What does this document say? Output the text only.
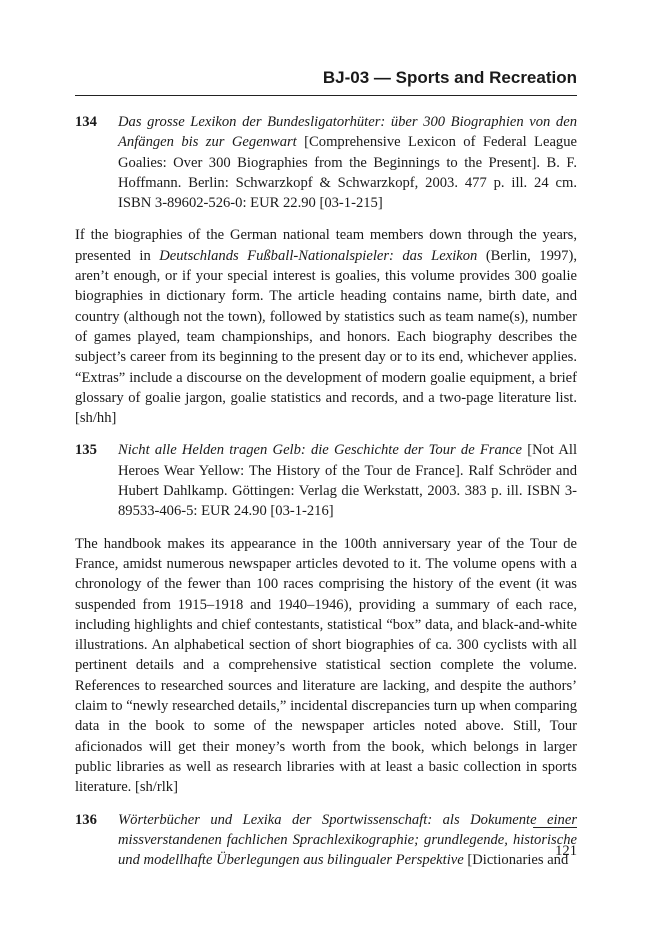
BJ-03 — Sports and Recreation
134 Das grosse Lexikon der Bundesligatorhüter: über 300 Biographien von den Anfängen bis zur Gegenwart [Comprehensive Lexicon of Federal League Goalies: Over 300 Biographies from the Beginnings to the Present]. B. F. Hoffmann. Berlin: Schwarzkopf & Schwarzkopf, 2003. 477 p. ill. 24 cm. ISBN 3-89602-526-0: EUR 22.90 [03-1-215]

If the biographies of the German national team members down through the years, presented in Deutschlands Fußball-Nationalspieler: das Lexikon (Berlin, 1997), aren’t enough, or if your special interest is goalies, this volume provides 300 goalie biographies in dictionary form. The article heading contains name, birth date, and country (although not the town), followed by statistics such as team name(s), number of games played, team championships, and honors. Each biography describes the subject’s career from its beginning to the present day or to its end, whichever applies. “Extras” include a discourse on the development of modern goalie equipment, a brief glossary of goalie jargon, goalie statistics and records, and a two-page literature list. [sh/hh]

135 Nicht alle Helden tragen Gelb: die Geschichte der Tour de France [Not All Heroes Wear Yellow: The History of the Tour de France]. Ralf Schröder and Hubert Dahlkamp. Göttingen: Verlag die Werkstatt, 2003. 383 p. ill. ISBN 3-89533-406-5: EUR 24.90 [03-1-216]

The handbook makes its appearance in the 100th anniversary year of the Tour de France, amidst numerous newspaper articles devoted to it. The volume opens with a chronology of the fewer than 100 races comprising the history of the event (it was suspended from 1915–1918 and 1940–1946), providing a summary of each race, including highlights and chief contestants, statistical “box” data, and black-and-white illustrations. An alphabetical section of short biographies of ca. 300 cyclists with all pertinent details and a comprehensive statistical section complete the volume. References to researched sources and literature are lacking, and despite the authors’ claim to “newly researched details,” incidental discrepancies turn up when comparing data in the book to some of the newspaper articles noted above. Still, Tour aficionados will get their money’s worth from the book, which belongs in larger public libraries as well as research libraries with at least a basic collection in sports literature. [sh/rlk]

136 Wörterbücher und Lexika der Sportwissenschaft: als Dokumente einer missverstandenen fachlichen Sprachlexikographie; grundlegende, historische und modellhafte Überlegungen aus bilingualer Perspektive [Dictionaries and
121
